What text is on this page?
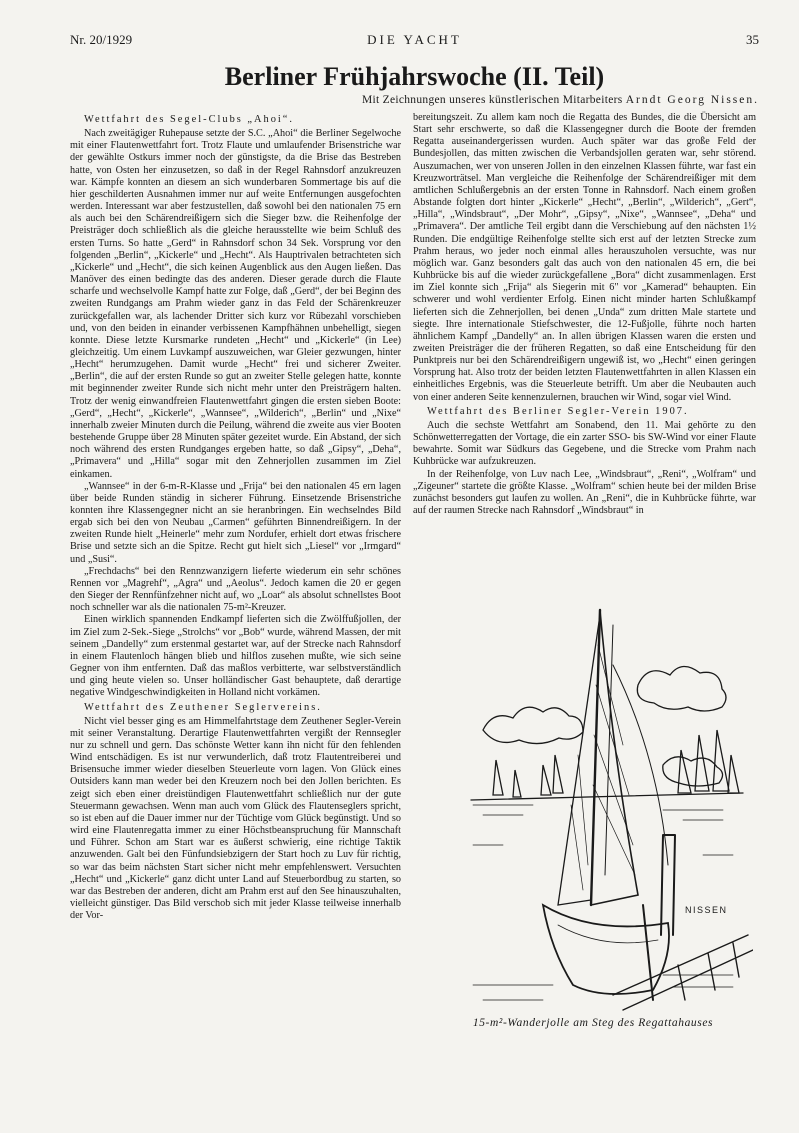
Nr. 20/1929	DIE YACHT	35
Berliner Frühjahrswoche (II. Teil)
Mit Zeichnungen unseres künstlerischen Mitarbeiters Arndt Georg Nissen.

Wettfahrt des Segel-Clubs „Ahoi“.

Nach zweitägiger Ruhepause setzte der S.C. „Ahoi“ die Berliner Segelwoche mit einer Flautenwettfahrt fort. Trotz Flaute und umlaufender Brisenstriche war der gewählte Ostkurs immer noch der günstigste, da die Brise das Bestreben hatte, von Osten her einzusetzen, so daß in der Regel Rahnsdorf anzukreuzen war. Kämpfe konnten an diesem an sich wunderbaren Sommertage bis auf die hier geschilderten Ausnahmen immer nur auf weite Entfernungen ausgefochten werden. Interessant war aber festzustellen, daß sowohl bei den nationalen 75 ern als auch bei den Schärendreißigern sich die Sieger bzw. die Reihenfolge der Preisträger doch schließlich als die gleiche herausstellte wie beim Schluß des ersten Turns. So hatte „Gerd“ in Rahnsdorf schon 34 Sek. Vorsprung vor den folgenden „Berlin“, „Kickerle“ und „Hecht“. Als Hauptrivalen betrachteten sich „Kickerle“ und „Hecht“, die sich keinen Augenblick aus den Augen ließen. Das Manöver des einen bedingte das des anderen. Dieser gerade durch die Flaute scharfe und wechselvolle Kampf hatte zur Folge, daß „Gerd“, der bei Beginn des zweiten Rundgangs am Prahm wieder ganz in das Feld der Schärenkreuzer zurückgefallen war, als lachender Dritter sich kurz vor Rübezahl vorschieben und, von den beiden in einander verbissenen Kampfhähnen unbehelligt, siegen konnte. Diese letzte Kursmarke rundeten „Hecht“ und „Kickerle“ (in Lee) gleichzeitig. Um einem Luvkampf auszuweichen, war Gleier gezwungen, hinter „Hecht“ herumzugehen. Damit wurde „Hecht“ frei und sicherer Zweiter. „Berlin“, die auf der ersten Runde so gut an zweiter Stelle gelegen hatte, konnte mit beginnender zweiter Runde sich nicht mehr unter den Preisträgern halten. Trotz der wenig einwandfreien Flautenwettfahrt gingen die ersten sieben Boote: „Gerd“, „Hecht“, „Kickerle“, „Wannsee“, „Wilderich“, „Berlin“ und „Nixe“ innerhalb zweier Minuten durch die Peilung, während die zweite aus vier Booten bestehende Gruppe über 28 Minuten später gezeitet wurde. Ein Abstand, der sich noch während des ersten Rundganges ergeben hatte, so daß „Gipsy“, „Deha“, „Primavera“ und „Hilla“ sogar mit den Zehnerjollen zusammen im Ziel einkamen.

„Wannsee“ in der 6-m-R-Klasse und „Frija“ bei den nationalen 45 ern lagen über beide Runden ständig in sicherer Führung. Einsetzende Brisenstriche konnten ihre Klassengegner nicht an sie heranbringen. Ein wechselndes Bild ergab sich bei den von Neubau „Carmen“ geführten Binnendreißigern. In der zweiten Runde hielt „Heinerle“ mehr zum Nordufer, erhielt dort etwas frischere Brise und setzte sich an die Spitze. Recht gut hielt sich „Liesel“ vor „Irmgard“ und „Susi“.

„Frechdachs“ bei den Rennzwanzigern lieferte wiederum ein sehr schönes Rennen vor „Magrehf“, „Agra“ und „Aeolus“. Jedoch kamen die 20 er gegen den Sieger der Rennfünfzehner nicht auf, wo „Loar“ als absolut schnellstes Boot noch schneller war als die nationalen 75-m²-Kreuzer.

Einen wirklich spannenden Endkampf lieferten sich die Zwölffußjollen, der im Ziel zum 2-Sek.-Siege „Strolchs“ vor „Bob“ wurde, während Massen, der mit seinem „Dandelly“ zum erstenmal gestartet war, auf der Strecke nach Rahnsdorf in einem Flautenloch hängen blieb und hilflos zusehen mußte, wie sich seine Gegner von ihm entfernten. Daß das maßlos verbitterte, war selbstverständlich und ging heute vielen so. Unser holländischer Gast behauptete, daß derartige negative Windgeschwindigkeiten in Holland nicht vorkämen.

Wettfahrt des Zeuthener Seglervereins.

Nicht viel besser ging es am Himmelfahrtstage dem Zeuthener Segler-Verein mit seiner Veranstaltung. Derartige Flautenwettfahrten vergißt der Rennsegler nur zu schnell und gern. Das schönste Wetter kann ihn nicht für den fehlenden Wind entschädigen. Es ist nur verwunderlich, daß trotz Flautentreiberei und Brisensuche immer wieder dieselben Steuerleute vorn lagen. Von Glück eines Outsiders kann man weder bei den Kreuzern noch bei den Jollen berichten. Es zeigt sich eben einer dreistündigen Flautenwettfahrt schließlich nur der gute Steuermann gewachsen. Wenn man auch vom Glück des Flautenseglers spricht, so ist eben auf die Dauer immer nur der Tüchtige vom Glück begünstigt. Und so wird eine Flautenregatta immer zu einer Höchstbeanspruchung für Mannschaft und Führer. Schon am Start war es äußerst schwierig, eine richtige Taktik anzuwenden. Galt bei den Fünfundsiebzigern der Start hoch zu Luv für richtig, so war das beim nächsten Start sicher nicht mehr empfehlenswert. Versuchten „Hecht“ und „Kickerle“ ganz dicht unter Land auf Steuerbordbug zu starten, so war das Bestreben der anderen, dicht am Prahm erst auf den See hinauszuhalten, vielleicht günstiger. Das Bild verschob sich mit jeder Klasse teilweise innerhalb der Vor-

bereitungszeit. Zu allem kam noch die Regatta des Bundes, die die Übersicht am Start sehr erschwerte, so daß die Klassengegner durch die Boote der fremden Regatta auseinandergerissen wurden. Auch später war das große Feld der Bundesjollen, das mitten zwischen die Verbandsjollen geraten war, sehr störend. Auszumachen, wer von unseren Jollen in den einzelnen Klassen führte, war fast ein Kreuzworträtsel. Man vergleiche die Reihenfolge der Schärendreißiger mit dem amtlichen Schlußergebnis an der ersten Tonne in Rahnsdorf. Nach einem großen Abstande folgten dort hinter „Kickerle“ „Hecht“, „Berlin“, „Wilderich“, „Gert“, „Hilla“, „Windsbraut“, „Der Mohr“, „Gipsy“, „Nixe“, „Wannsee“, „Deha“ und „Primavera“. Der amtliche Teil ergibt dann die Verschiebung auf den nächsten 1½ Runden. Die endgültige Reihenfolge stellte sich erst auf der letzten Strecke zum Prahm heraus, wo jeder noch einmal alles herauszuholen versuchte, was nur möglich war. Ganz besonders galt das auch von den nationalen 45 ern, die bei Kuhbrücke bis auf die wieder zurückgefallene „Bora“ dicht zusammenlagen. Erst im Ziel konnte sich „Frija“ als Siegerin mit 6" vor „Kamerad“ behaupten. Ein schwerer und wohl verdienter Erfolg. Einen nicht minder harten Schlußkampf lieferten sich die Zehnerjollen, bei denen „Unda“ zum dritten Male startete und siegte. Ihre internationale Stiefschwester, die 12-Fußjolle, führte noch harten ähnlichem Kampf „Dandelly“ an. In allen übrigen Klassen waren die ersten und zweiten Preisträger die der früheren Regatten, so daß eine Entscheidung für den Punktpreis nur bei den Schärendreißigern ungewiß ist, wo „Hecht“ einen geringen Vorsprung hat. Also trotz der beiden letzten Flautenwettfahrten in allen Klassen ein einheitliches Ergebnis, was die Steuerleute betrifft. Um aber die Neubauten auch von einer anderen Seite kennenzulernen, brauchen wir Wind, sogar viel Wind.

Wettfahrt des Berliner Segler-Verein 1907.

Auch die sechste Wettfahrt am Sonabend, den 11. Mai gehörte zu den Schönwetterregatten der Vortage, die ein zarter SSO- bis SW-Wind vor einer Flaute bewahrte. Somit war Südkurs das Gegebene, und die Strecke vom Prahm nach Kuhbrücke war aufzukreuzen.

In der Reihenfolge, von Luv nach Lee, „Windsbraut“, „Reni“, „Wolfram“ und „Zigeuner“ startete die größte Klasse. „Wolfram“ schien heute bei der milden Brise zunächst besonders gut laufen zu wollen. An „Reni“, die in Kuhbrücke führte, war auf der raumen Strecke nach Rahnsdorf „Windsbraut“ in

NISSEN
15-m²-Wanderjolle am Steg des Regattahauses
